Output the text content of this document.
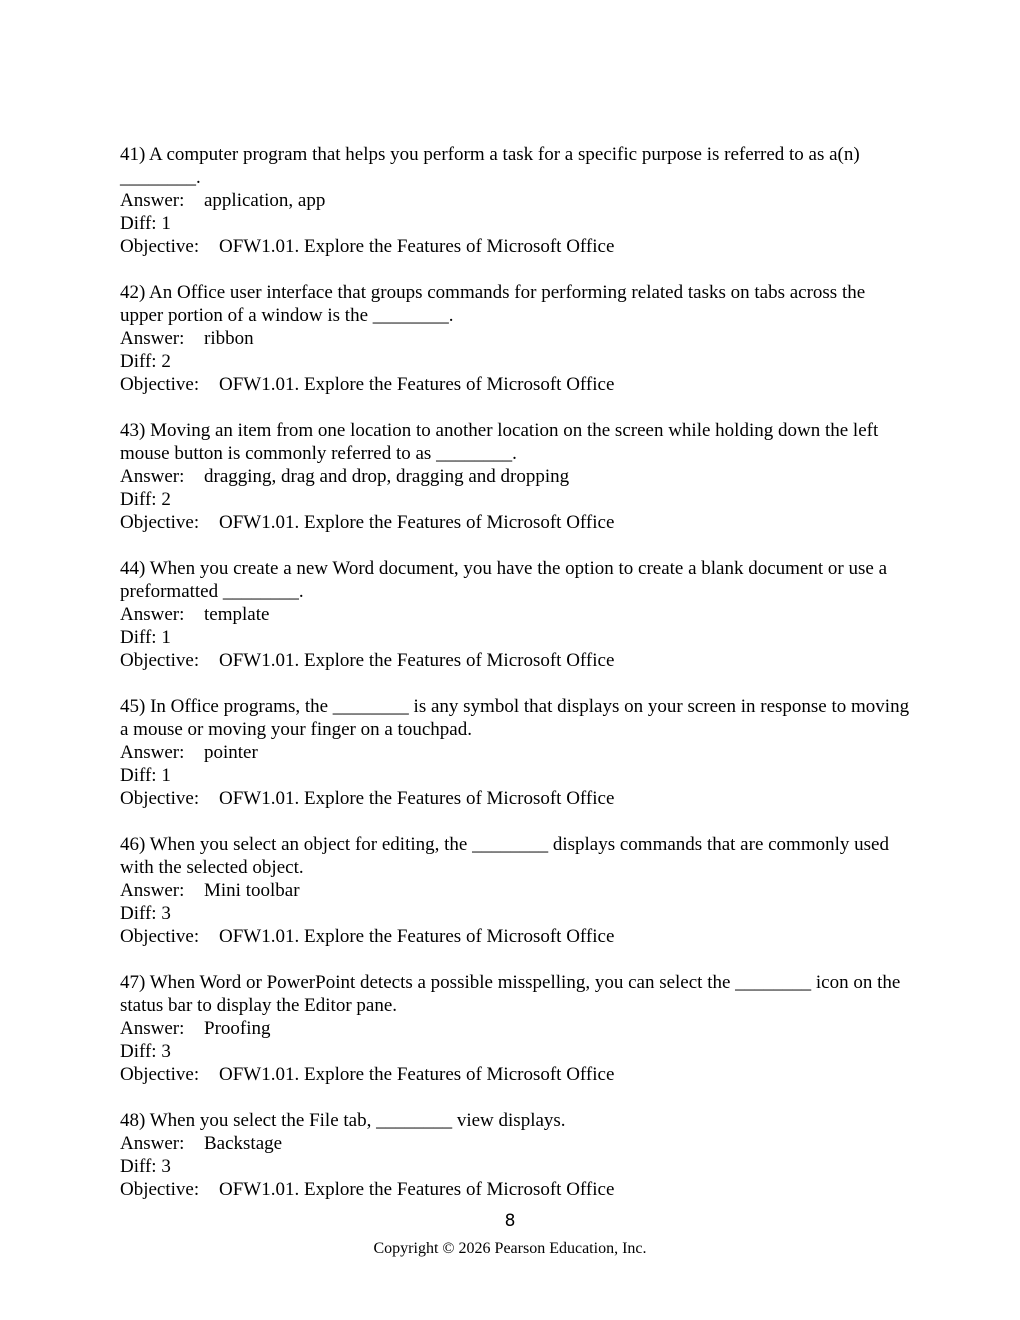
41) A computer program that helps you perform a task for a specific purpose is referred to as a(n) ________.
Answer: application, app
Diff: 1
Objective: OFW1.01. Explore the Features of Microsoft Office
42) An Office user interface that groups commands for performing related tasks on tabs across the upper portion of a window is the ________.
Answer: ribbon
Diff: 2
Objective: OFW1.01. Explore the Features of Microsoft Office
43) Moving an item from one location to another location on the screen while holding down the left mouse button is commonly referred to as ________.
Answer: dragging, drag and drop, dragging and dropping
Diff: 2
Objective: OFW1.01. Explore the Features of Microsoft Office
44) When you create a new Word document, you have the option to create a blank document or use a preformatted ________.
Answer: template
Diff: 1
Objective: OFW1.01. Explore the Features of Microsoft Office
45) In Office programs, the ________ is any symbol that displays on your screen in response to moving a mouse or moving your finger on a touchpad.
Answer: pointer
Diff: 1
Objective: OFW1.01. Explore the Features of Microsoft Office
46) When you select an object for editing, the ________ displays commands that are commonly used with the selected object.
Answer: Mini toolbar
Diff: 3
Objective: OFW1.01. Explore the Features of Microsoft Office
47) When Word or PowerPoint detects a possible misspelling, you can select the ________ icon on the status bar to display the Editor pane.
Answer: Proofing
Diff: 3
Objective: OFW1.01. Explore the Features of Microsoft Office
48) When you select the File tab, ________ view displays.
Answer: Backstage
Diff: 3
Objective: OFW1.01. Explore the Features of Microsoft Office
8
Copyright © 2026 Pearson Education, Inc.
